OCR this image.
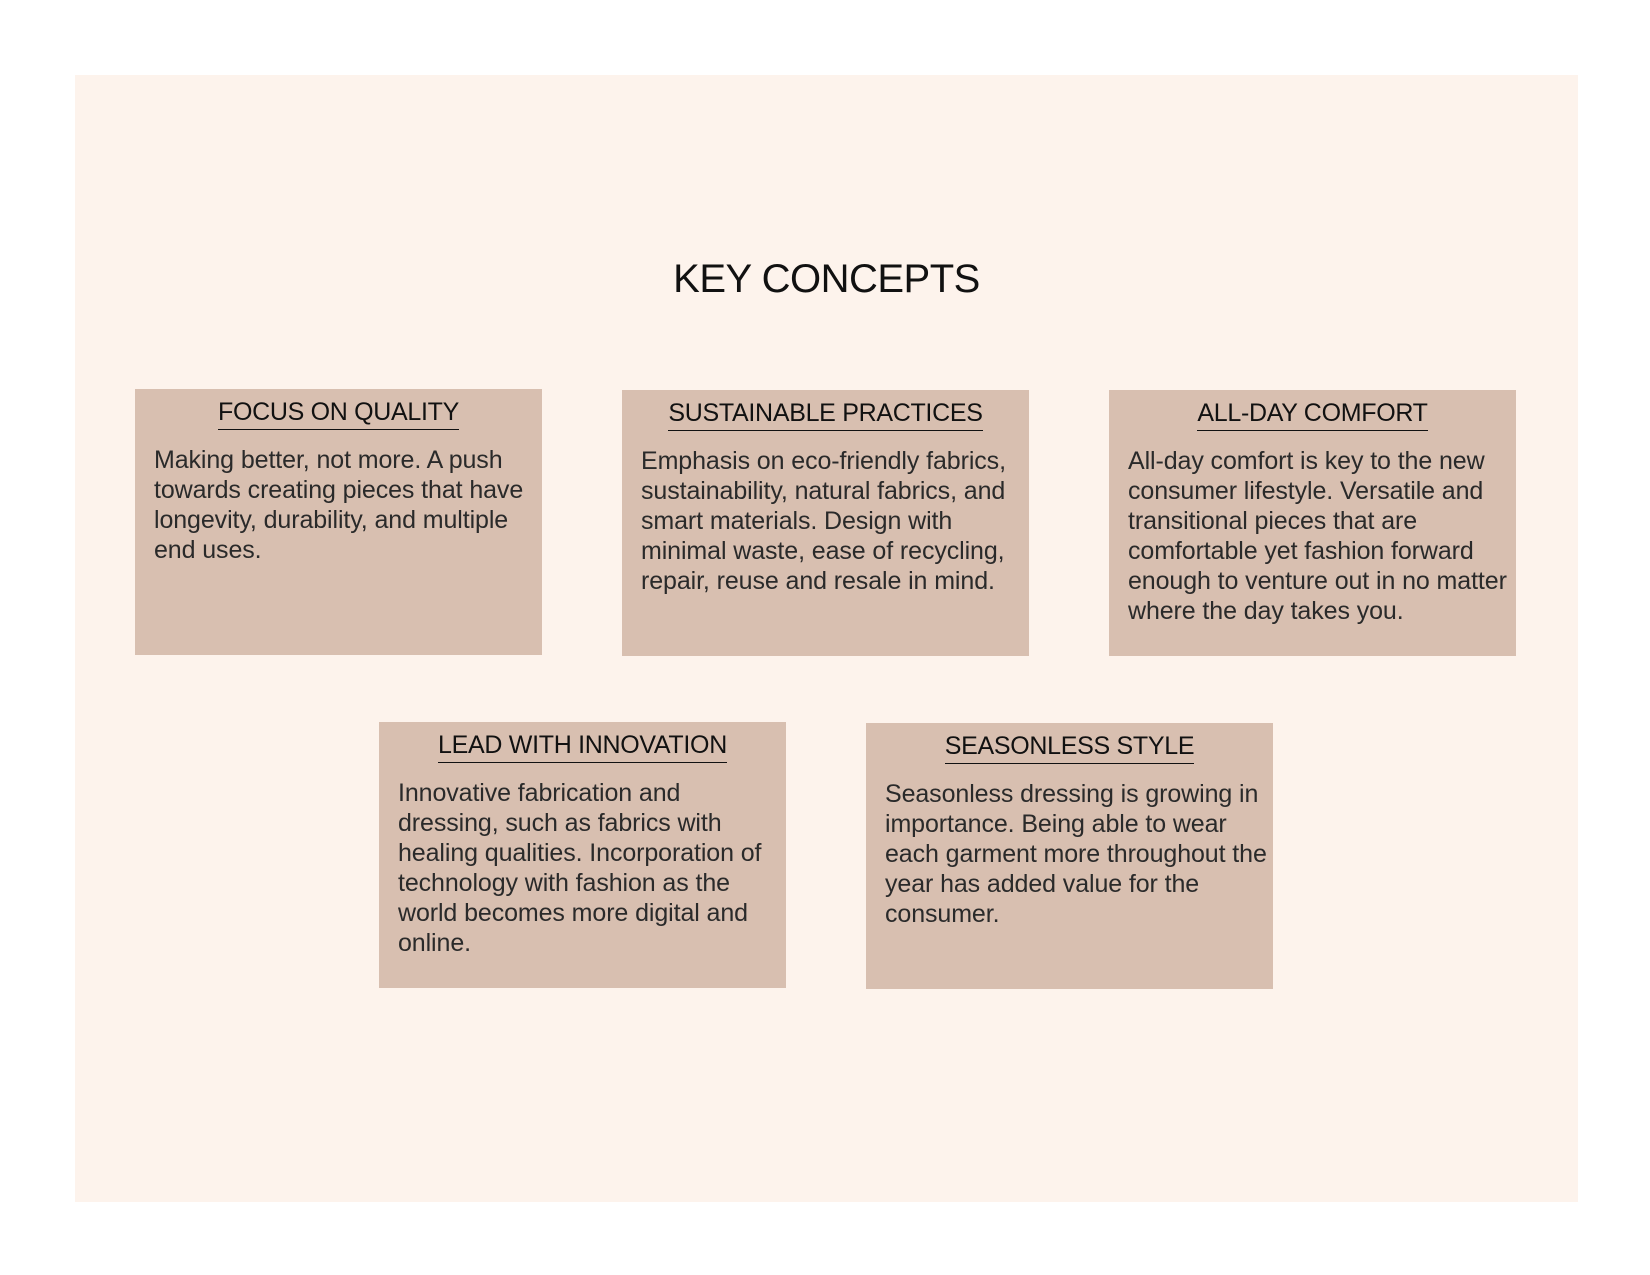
KEY CONCEPTS
FOCUS ON QUALITY

Making better, not more. A push towards creating pieces that have longevity, durability, and multiple end uses.

SUSTAINABLE PRACTICES

Emphasis on eco-friendly fabrics, sustainability, natural fabrics, and smart materials. Design with minimal waste, ease of recycling, repair, reuse and resale in mind.

ALL-DAY COMFORT

All-day comfort is key to the new consumer lifestyle. Versatile and transitional pieces that are comfortable yet fashion forward enough to venture out in no matter where the day takes you.

LEAD WITH INNOVATION

Innovative fabrication and dressing, such as fabrics with healing qualities. Incorporation of technology with fashion as the world becomes more digital and online.

SEASONLESS STYLE

Seasonless dressing is growing in importance. Being able to wear each garment more throughout the year has added value for the consumer.
